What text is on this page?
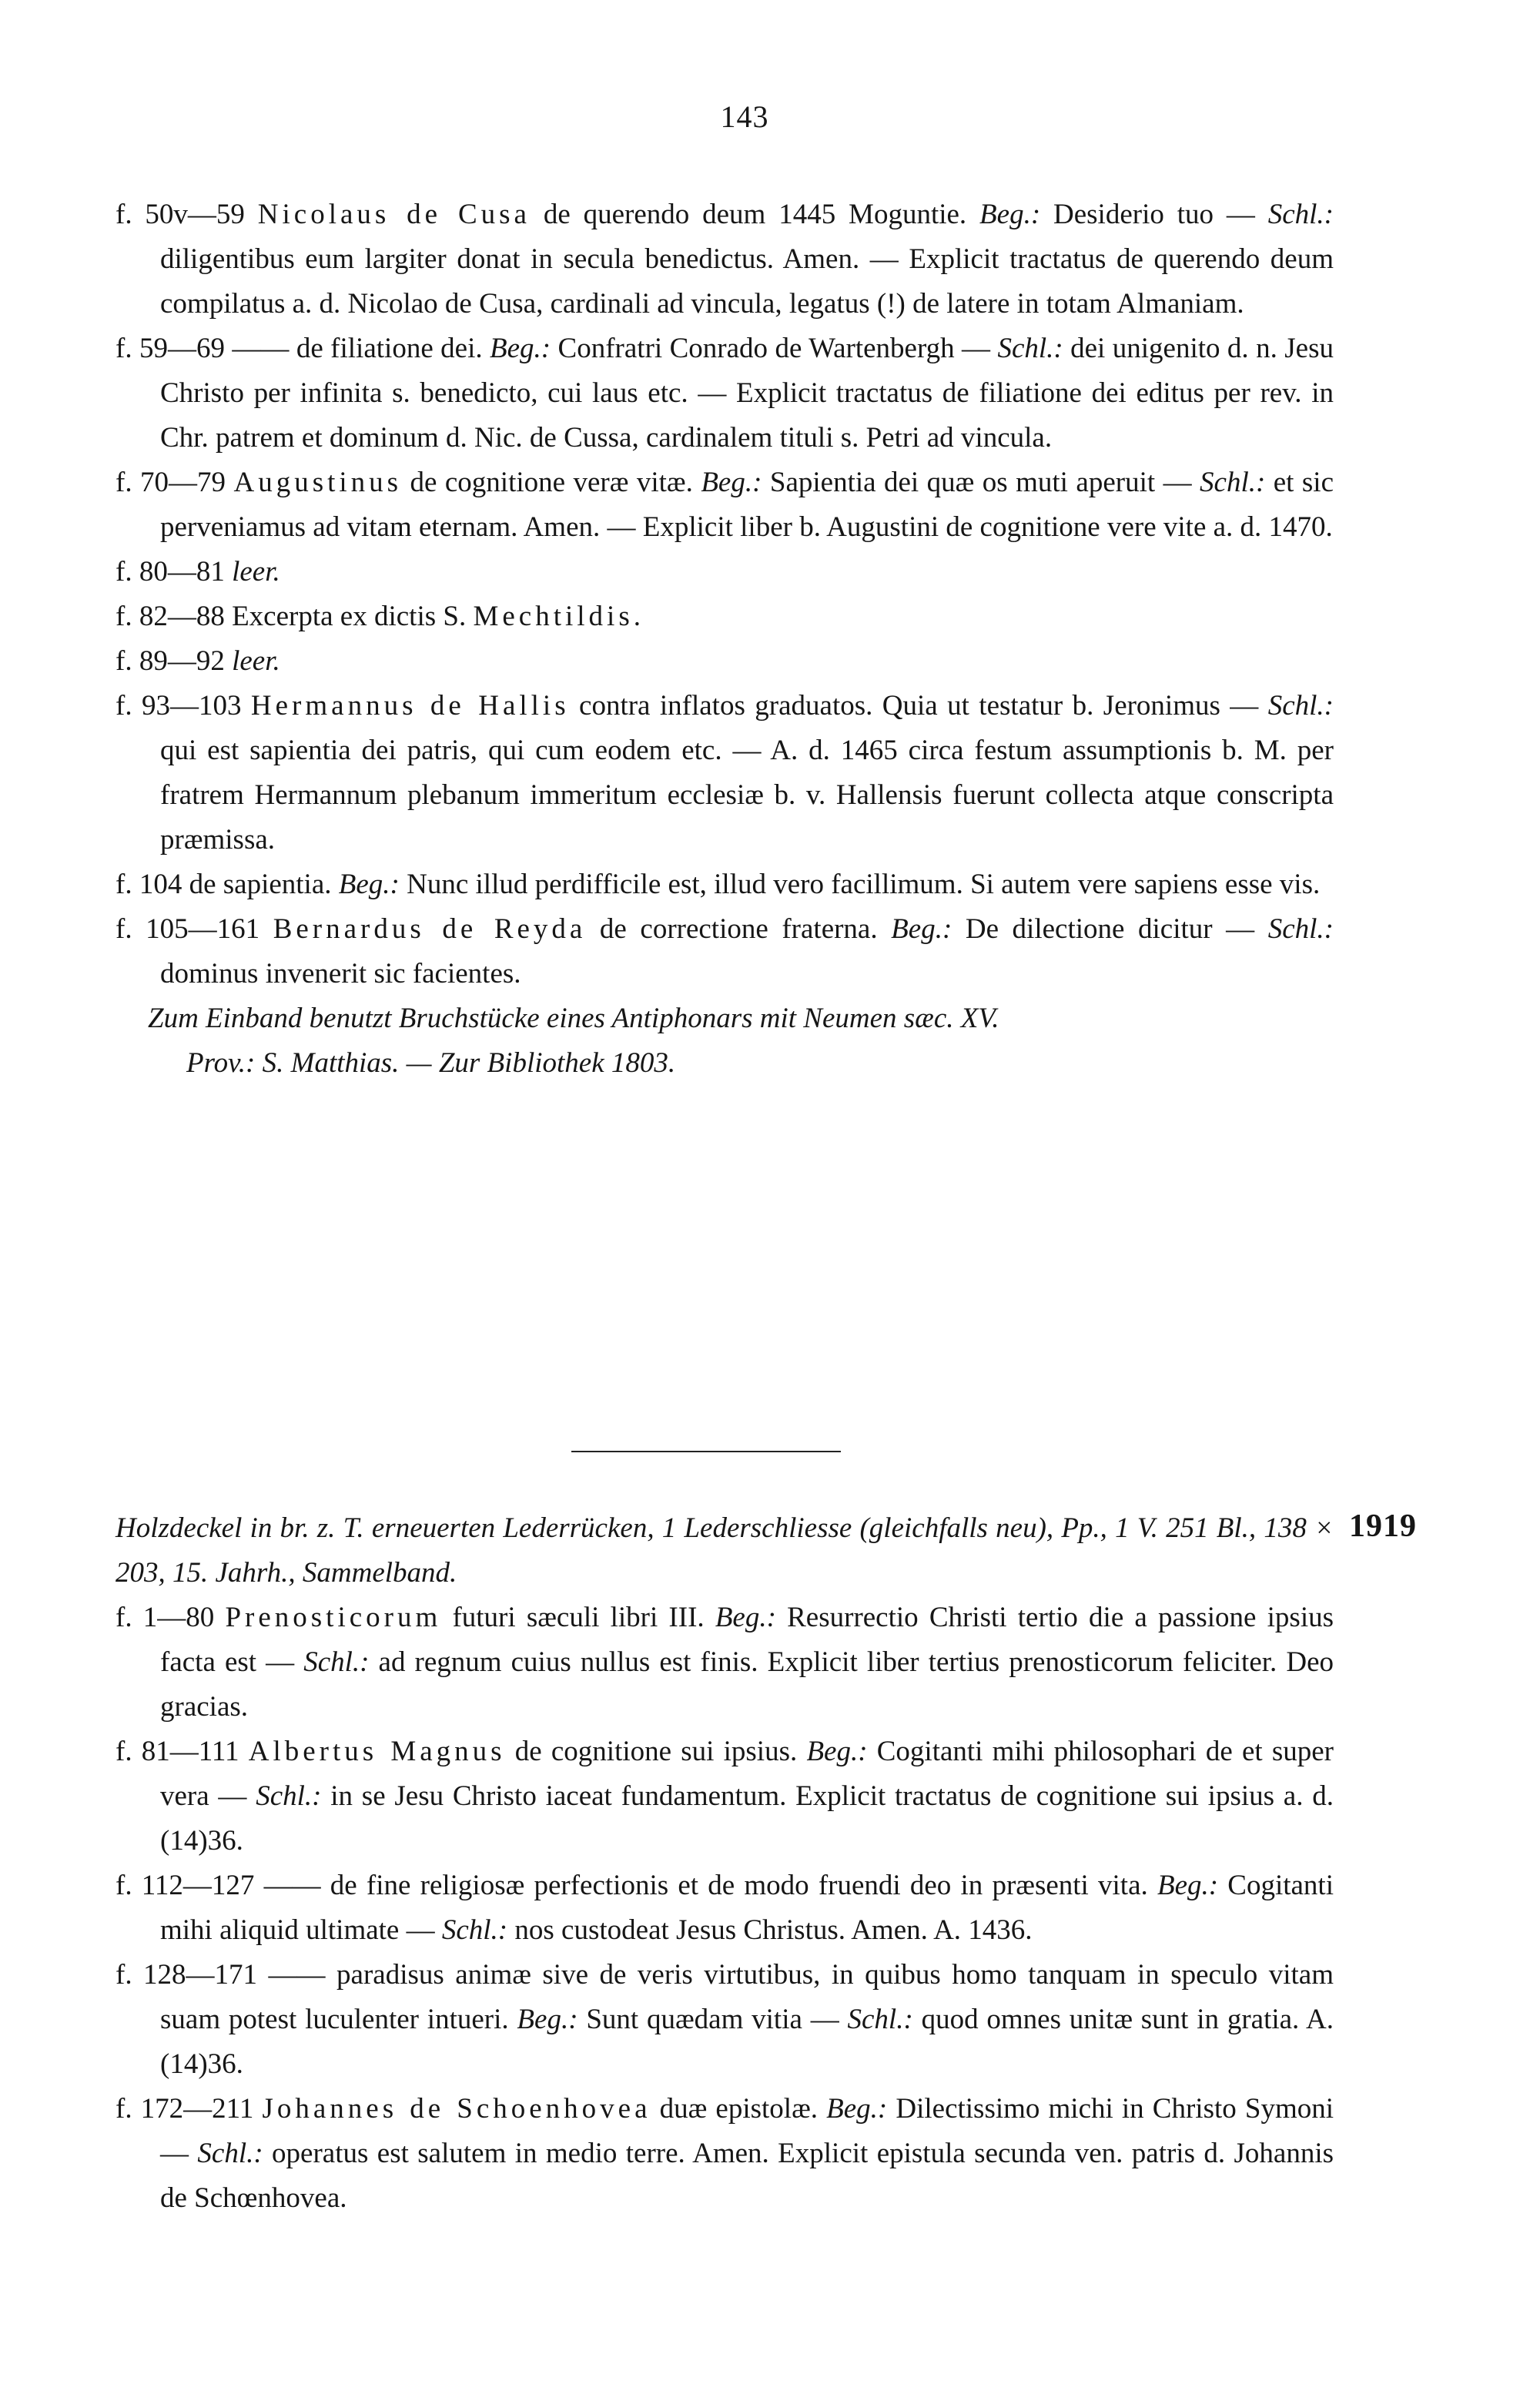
143

f. 50v—59 Nicolaus de Cusa de querendo deum 1445 Moguntie. Beg.: Desiderio tuo — Schl.: diligentibus eum largiter donat in secula benedictus. Amen. — Explicit tractatus de querendo deum compilatus a. d. Nicolao de Cusa, cardinali ad vincula, legatus (!) de latere in totam Almaniam.

f. 59—69 —— de filiatione dei. Beg.: Confratri Conrado de Wartenbergh — Schl.: dei unigenito d. n. Jesu Christo per infinita s. benedicto, cui laus etc. — Explicit tractatus de filiatione dei editus per rev. in Chr. patrem et dominum d. Nic. de Cussa, cardinalem tituli s. Petri ad vincula.

f. 70—79 Augustinus de cognitione veræ vitæ. Beg.: Sapientia dei quæ os muti aperuit — Schl.: et sic perveniamus ad vitam eternam. Amen. — Explicit liber b. Augustini de cognitione vere vite a. d. 1470.

f. 80—81 leer.

f. 82—88 Excerpta ex dictis S. Mechtildis.

f. 89—92 leer.

f. 93—103 Hermannus de Hallis contra inflatos graduatos. Quia ut testatur b. Jeronimus — Schl.: qui est sapientia dei patris, qui cum eodem etc. — A. d. 1465 circa festum assumptionis b. M. per fratrem Hermannum plebanum immeritum ecclesiæ b. v. Hallensis fuerunt collecta atque conscripta præmissa.

f. 104 de sapientia. Beg.: Nunc illud perdifficile est, illud vero facillimum. Si autem vere sapiens esse vis.

f. 105—161 Bernardus de Reyda de correctione fraterna. Beg.: De dilectione dicitur — Schl.: dominus invenerit sic facientes.

Zum Einband benutzt Bruchstücke eines Antiphonars mit Neumen sæc. XV.

Prov.: S. Matthias. — Zur Bibliothek 1803.

1919

Holzdeckel in br. z. T. erneuerten Lederrücken, 1 Lederschliesse (gleichfalls neu), Pp., 1 V. 251 Bl., 138 × 203, 15. Jahrh., Sammelband.

f. 1—80 Prenosticorum futuri sæculi libri III. Beg.: Resurrectio Christi tertio die a passione ipsius facta est — Schl.: ad regnum cuius nullus est finis. Explicit liber tertius prenosticorum feliciter. Deo gracias.

f. 81—111 Albertus Magnus de cognitione sui ipsius. Beg.: Cogitanti mihi philosophari de et super vera — Schl.: in se Jesu Christo iaceat fundamentum. Explicit tractatus de cognitione sui ipsius a. d. (14)36.

f. 112—127 —— de fine religiosæ perfectionis et de modo fruendi deo in præsenti vita. Beg.: Cogitanti mihi aliquid ultimate — Schl.: nos custodeat Jesus Christus. Amen. A. 1436.

f. 128—171 —— paradisus animæ sive de veris virtutibus, in quibus homo tanquam in speculo vitam suam potest luculenter intueri. Beg.: Sunt quædam vitia — Schl.: quod omnes unitæ sunt in gratia. A. (14)36.

f. 172—211 Johannes de Schoenhovea duæ epistolæ. Beg.: Dilectissimo michi in Christo Symoni — Schl.: operatus est salutem in medio terre. Amen. Explicit epistula secunda ven. patris d. Johannis de Schœnhovea.
